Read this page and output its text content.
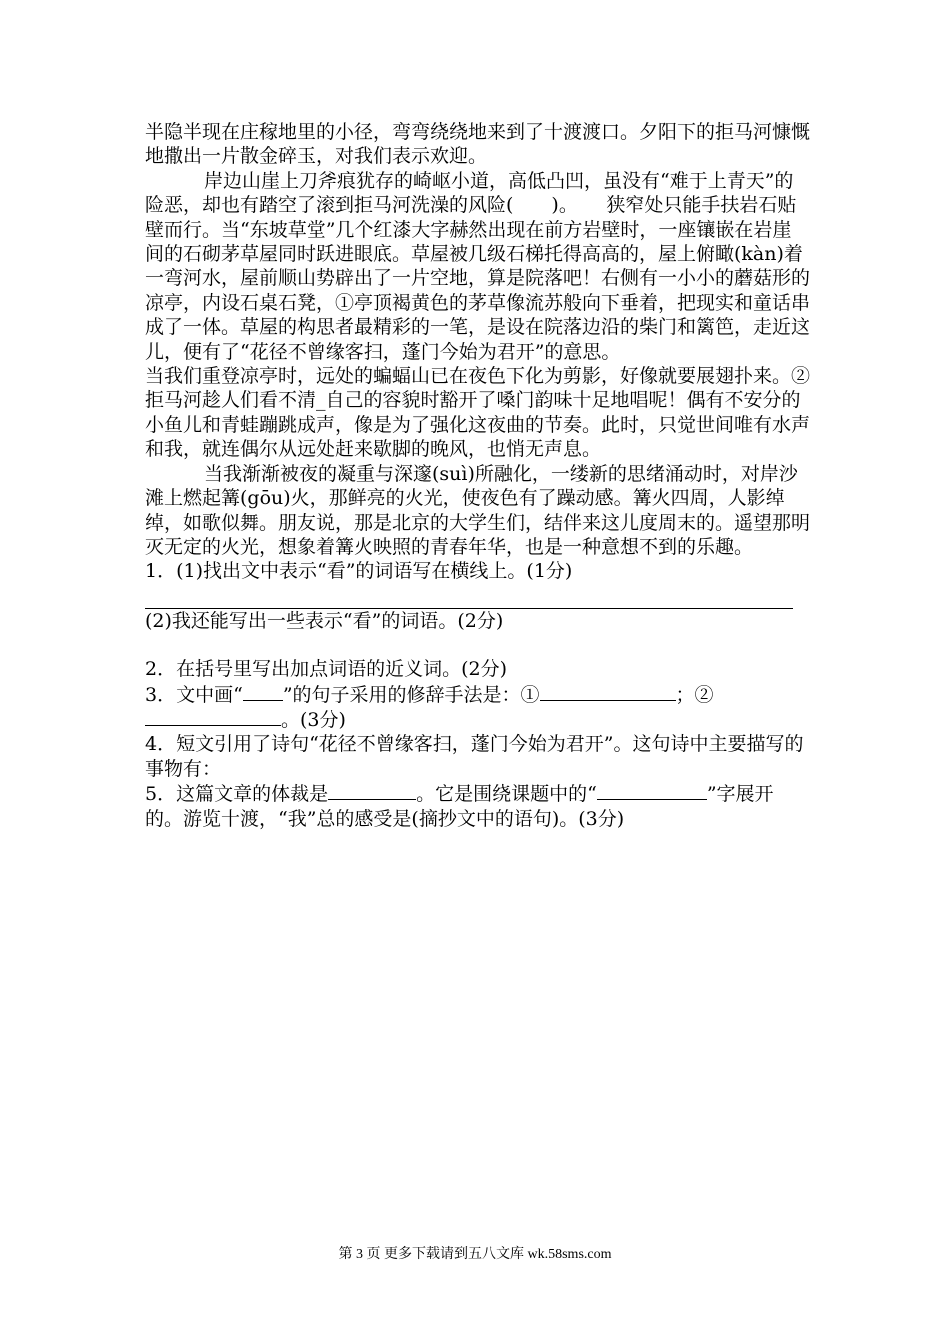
半隐半现在庄稼地里的小径，弯弯绕绕地来到了十渡渡口。夕阳下的拒马河慷慨地撒出一片散金碎玉，对我们表示欢迎。

岸边山崖上刀斧痕犹存的崎岖小道，高低凸凹，虽没有“难于上青天”的险恶，却也有踏空了滚到拒马河洗澡的风险(　　)。　　狭窄处只能手扶岩石贴壁而行。当“东坡草堂”几个红漆大字赫然出现在前方岩壁时，一座镶嵌在岩崖间的石砌茅草屋同时跃进眼底。草屋被几级石梯托得高高的，屋上俯瞰(kàn)着一弯河水，屋前顺山势辟出了一片空地，算是院落吧！右侧有一小小的蘑菇形的凉亭，内设石桌石凳，①亭顶褐黄色的茅草像流苏般向下垂着，把现实和童话串成了一体。草屋的构思者最精彩的一笔，是设在院落边沿的柴门和篱笆，走近这儿，便有了“花径不曾缘客扫，蓬门今始为君开”的意思。

当我们重登凉亭时，远处的蝙蝠山已在夜色下化为剪影，好像就要展翅扑来。②拒马河趁人们看不清_自己的容貌时豁开了嗓门韵味十足地唱呢！偶有不安分的小鱼儿和青蛙蹦跳成声，像是为了强化这夜曲的节奏。此时，只觉世间唯有水声和我，就连偶尔从远处赶来歇脚的晚风，也悄无声息。

当我渐渐被夜的凝重与深邃(suì)所融化，一缕新的思绪涌动时，对岸沙滩上燃起篝(gōu)火，那鲜亮的火光，使夜色有了躁动感。篝火四周，人影绰绰，如歌似舞。朋友说，那是北京的大学生们，结伴来这儿度周末的。遥望那明灭无定的火光，想象着篝火映照的青春年华，也是一种意想不到的乐趣。

1．(1)找出文中表示“看”的词语写在横线上。(1分)

(2)我还能写出一些表示“看”的词语。(2分)

2．在括号里写出加点词语的近义词。(2分)

3．文中画“ ”的句子采用的修辞手法是：①	；②。(3分)

4．短文引用了诗句“花径不曾缘客扫，蓬门今始为君开”。这句诗中主要描写的事物有：

5．这篇文章的体裁是	。它是围绕课题中的“	”字展开的。游览十渡，“我”总的感受是(摘抄文中的语句)。(3分)

第 3 页 更多下载请到五八文库 wk.58sms.com
